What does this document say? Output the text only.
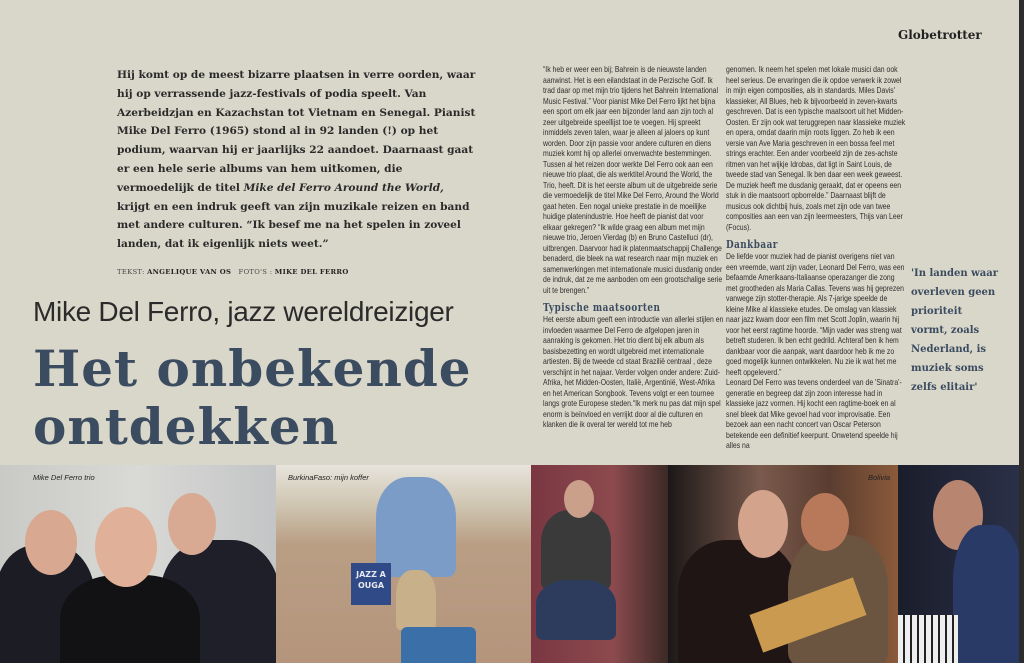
Globetrotter
Hij komt op de meest bizarre plaatsen in verre oorden, waar hij op verrassende jazz-festivals of podia speelt. Van Azerbeidzjan en Kazachstan tot Vietnam en Senegal. Pianist Mike Del Ferro (1965) stond al in 92 landen (!) op het podium, waarvan hij er jaarlijks 22 aandoet. Daarnaast gaat er een hele serie albums van hem uitkomen, die vermoedelijk de titel Mike del Ferro Around the World, krijgt en een indruk geeft van zijn muzikale reizen en band met andere culturen. “Ik besef me na het spelen in zoveel landen, dat ik eigenlijk niets weet.”
TEKST: ANGELIQUE VAN OS FOTO'S : MIKE DEL FERRO
Mike Del Ferro, jazz wereldreiziger
Het onbekende
ontdekken

“Ik heb er weer een bij; Bahrein is de nieuwste landen aanwinst. Het is een eilandstaat in de Perzische Golf. Ik trad daar op met mijn trio tijdens het Bahrein International Music Festival.” Voor pianist Mike Del Ferro lijkt het bijna een sport om elk jaar een bijzonder land aan zijn toch al zeer uitgebreide speellijst toe te voegen. Hij spreekt inmiddels zeven talen, waar je alleen al jaloers op kunt worden. Door zijn passie voor andere culturen en diens muziek komt hij op allerlei onverwachte bestemmingen. Tussen al het reizen door werkte Del Ferro ook aan een nieuwe trio plaat, die als werktitel Around the World, the Trio, heeft. Dit is het eerste album uit de uitgebreide serie die vermoedelijk de titel Mike Del Ferro, Around the World gaat heten. Een nogal unieke prestatie in de moeilijke huidige platenindustrie. Hoe heeft de pianist dat voor elkaar gekregen? “Ik wilde graag een album met mijn nieuwe trio, Jeroen Vierdag (b) en Bruno Castelluci (dr), uitbrengen. Daarvoor had ik platenmaatschappij Challenge benaderd, die bleek na wat research naar mijn muziek en samenwerkingen met internationale musici dusdanig onder de indruk, dat ze me aanboden om een grootschalige serie uit te brengen.”

Typische maatsoorten

Het eerste album geeft een introductie van allerlei stijlen en invloeden waarmee Del Ferro de afgelopen jaren in aanraking is gekomen. Het trio dient bij elk album als basisbezetting en wordt uitgebreid met internationale artiesten. Bij de tweede cd staat Brazilië centraal , deze verschijnt in het najaar. Verder volgen onder andere: Zuid-Afrika, het Midden-Oosten, Italië, Argentinië, West-Afrika en het American Songbook. Tevens volgt er een tournee langs grote Europese steden.“Ik merk nu pas dat mijn spel enorm is beïnvloed en verrijkt door al die culturen en klanken die ik overal ter wereld tot me heb

genomen. Ik neem het spelen met lokale musici dan ook heel serieus. De ervaringen die ik opdoe verwerk ik zowel in mijn eigen composities, als in standards. Miles Davis' klassieker, All Blues, heb ik bijvoorbeeld in zeven-kwarts geschreven. Dat is een typische maatsoort uit het Midden-Oosten. Er zijn ook wat teruggrepen naar klassieke muziek en opera, omdat daarin mijn roots liggen. Zo heb ik een versie van Ave Maria geschreven in een bossa feel met strings erachter. Een ander voorbeeld zijn de zes-achste ritmen van het wijkje Idrobas, dat ligt in Saint Louis, de tweede stad van Senegal. Ik ben daar een week geweest. De muziek heeft me dusdanig geraakt, dat er opeens een stuk in die maatsoort opborrelde.” Daarnaast blijft de musicus ook dichtbij huis, zoals met zijn ode van twee composities aan een van zijn leermeesters, Thijs van Leer (Focus).

Dankbaar

De liefde voor muziek had de pianist overigens niet van een vreemde, want zijn vader, Leonard Del Ferro, was een befaamde Amerikaans-Italiaanse operazanger die zong met grootheden als Maria Callas. Tevens was hij geprezen vanwege zijn stotter-therapie. Als 7-jarige speelde de kleine Mike al klassieke etudes. De omslag van klassiek naar jazz kwam door een film met Scott Joplin, waarin hij voor het eerst ragtime hoorde. “Mijn vader was streng wat betreft studeren. Ik ben echt gedrild. Achteraf ben ik hem dankbaar voor die aanpak, want daardoor heb ik me zo goed mogelijk kunnen ontwikkelen. Nu zie ik wat het me heeft opgeleverd.”

Leonard Del Ferro was tevens onderdeel van de 'Sinatra'-generatie en begreep dat zijn zoon interesse had in klassieke jazz vormen. Hij kocht een ragtime-boek en al snel bleek dat Mike gevoel had voor improvisatie. Een bezoek aan een nacht concert van Oscar Peterson betekende een definitief keerpunt. Onwetend speelde hij alles na

'In landen waar overleven geen prioriteit vormt, zoals Nederland, is muziek soms zelfs elitair'
Mike Del Ferro trio	BurkinaFaso: mijn koffer
JAZZ A OUGA
Bolivia
